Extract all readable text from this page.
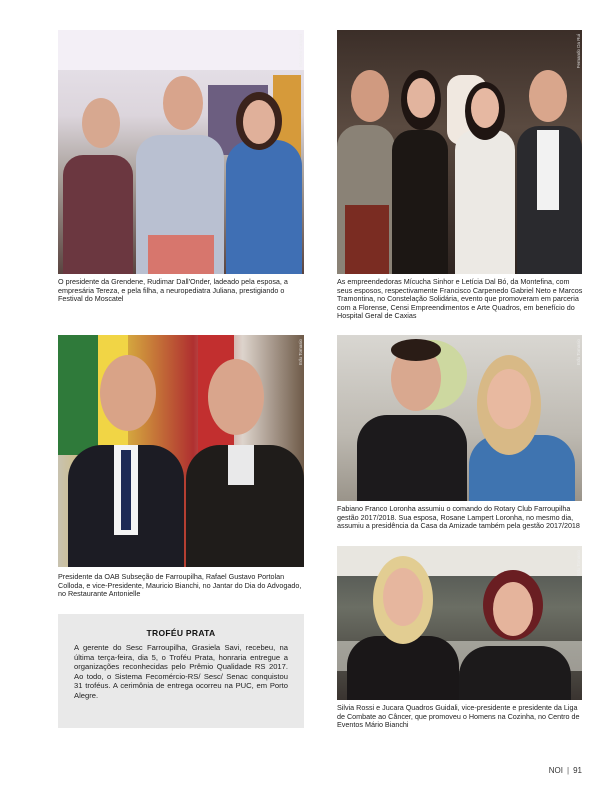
Marcelo Caspari
O presidente da Grendene, Rudimar Dall'Onder, ladeado pela esposa, a empresária Tereza, e pela filha, a neuropediatra Juliana, prestigiando o Festival do Moscatel
Fernando Da Rui
As empreendedoras Mícucha Sinhor e Letícia Dal Bó, da Montefina, com seus esposos, respectivamente Francisco Carpenedo Gabriel Neto e Marcos Tramontina, no Constelação Solidária, evento que promoveram em parceria com a Florense, Censi Empreendimentos e Arte Quadros, em benefício do Hospital Geral de Caxias
Edu Tomasio
Presidente da OAB Subseção de Farroupilha, Rafael Gustavo Portolan Colloda, e vice-Presidente, Mauricio Bianchi, no Jantar do Dia do Advogado, no Restaurante Antonielle
Edu Tomasio
Fabiano Franco Loronha assumiu o comando do Rotary Club Farroupilha gestão 2017/2018. Sua esposa, Rosane Lampert Loronha, no mesmo dia, assumiu a presidência da Casa da Amizade também pela gestão 2017/2018
Edu Tomasio
Silvia Rossi e Jucara Quadros Guidali, vice-presidente e presidente da Liga de Combate ao Câncer, que promoveu o Homens na Cozinha, no Centro de Eventos Mário Bianchi
TROFÉU PRATA
A gerente do Sesc Farroupilha, Grasiela Savi, recebeu, na última terça-feira, dia 5, o Troféu Prata, honraria entregue a organizações reconhecidas pelo Prêmio Qualidade RS 2017. Ao todo, o Sistema Fecomércio-RS/ Sesc/ Senac conquistou 31 troféus. A cerimônia de entrega ocorreu na PUC, em Porto Alegre.
NOI | 91
